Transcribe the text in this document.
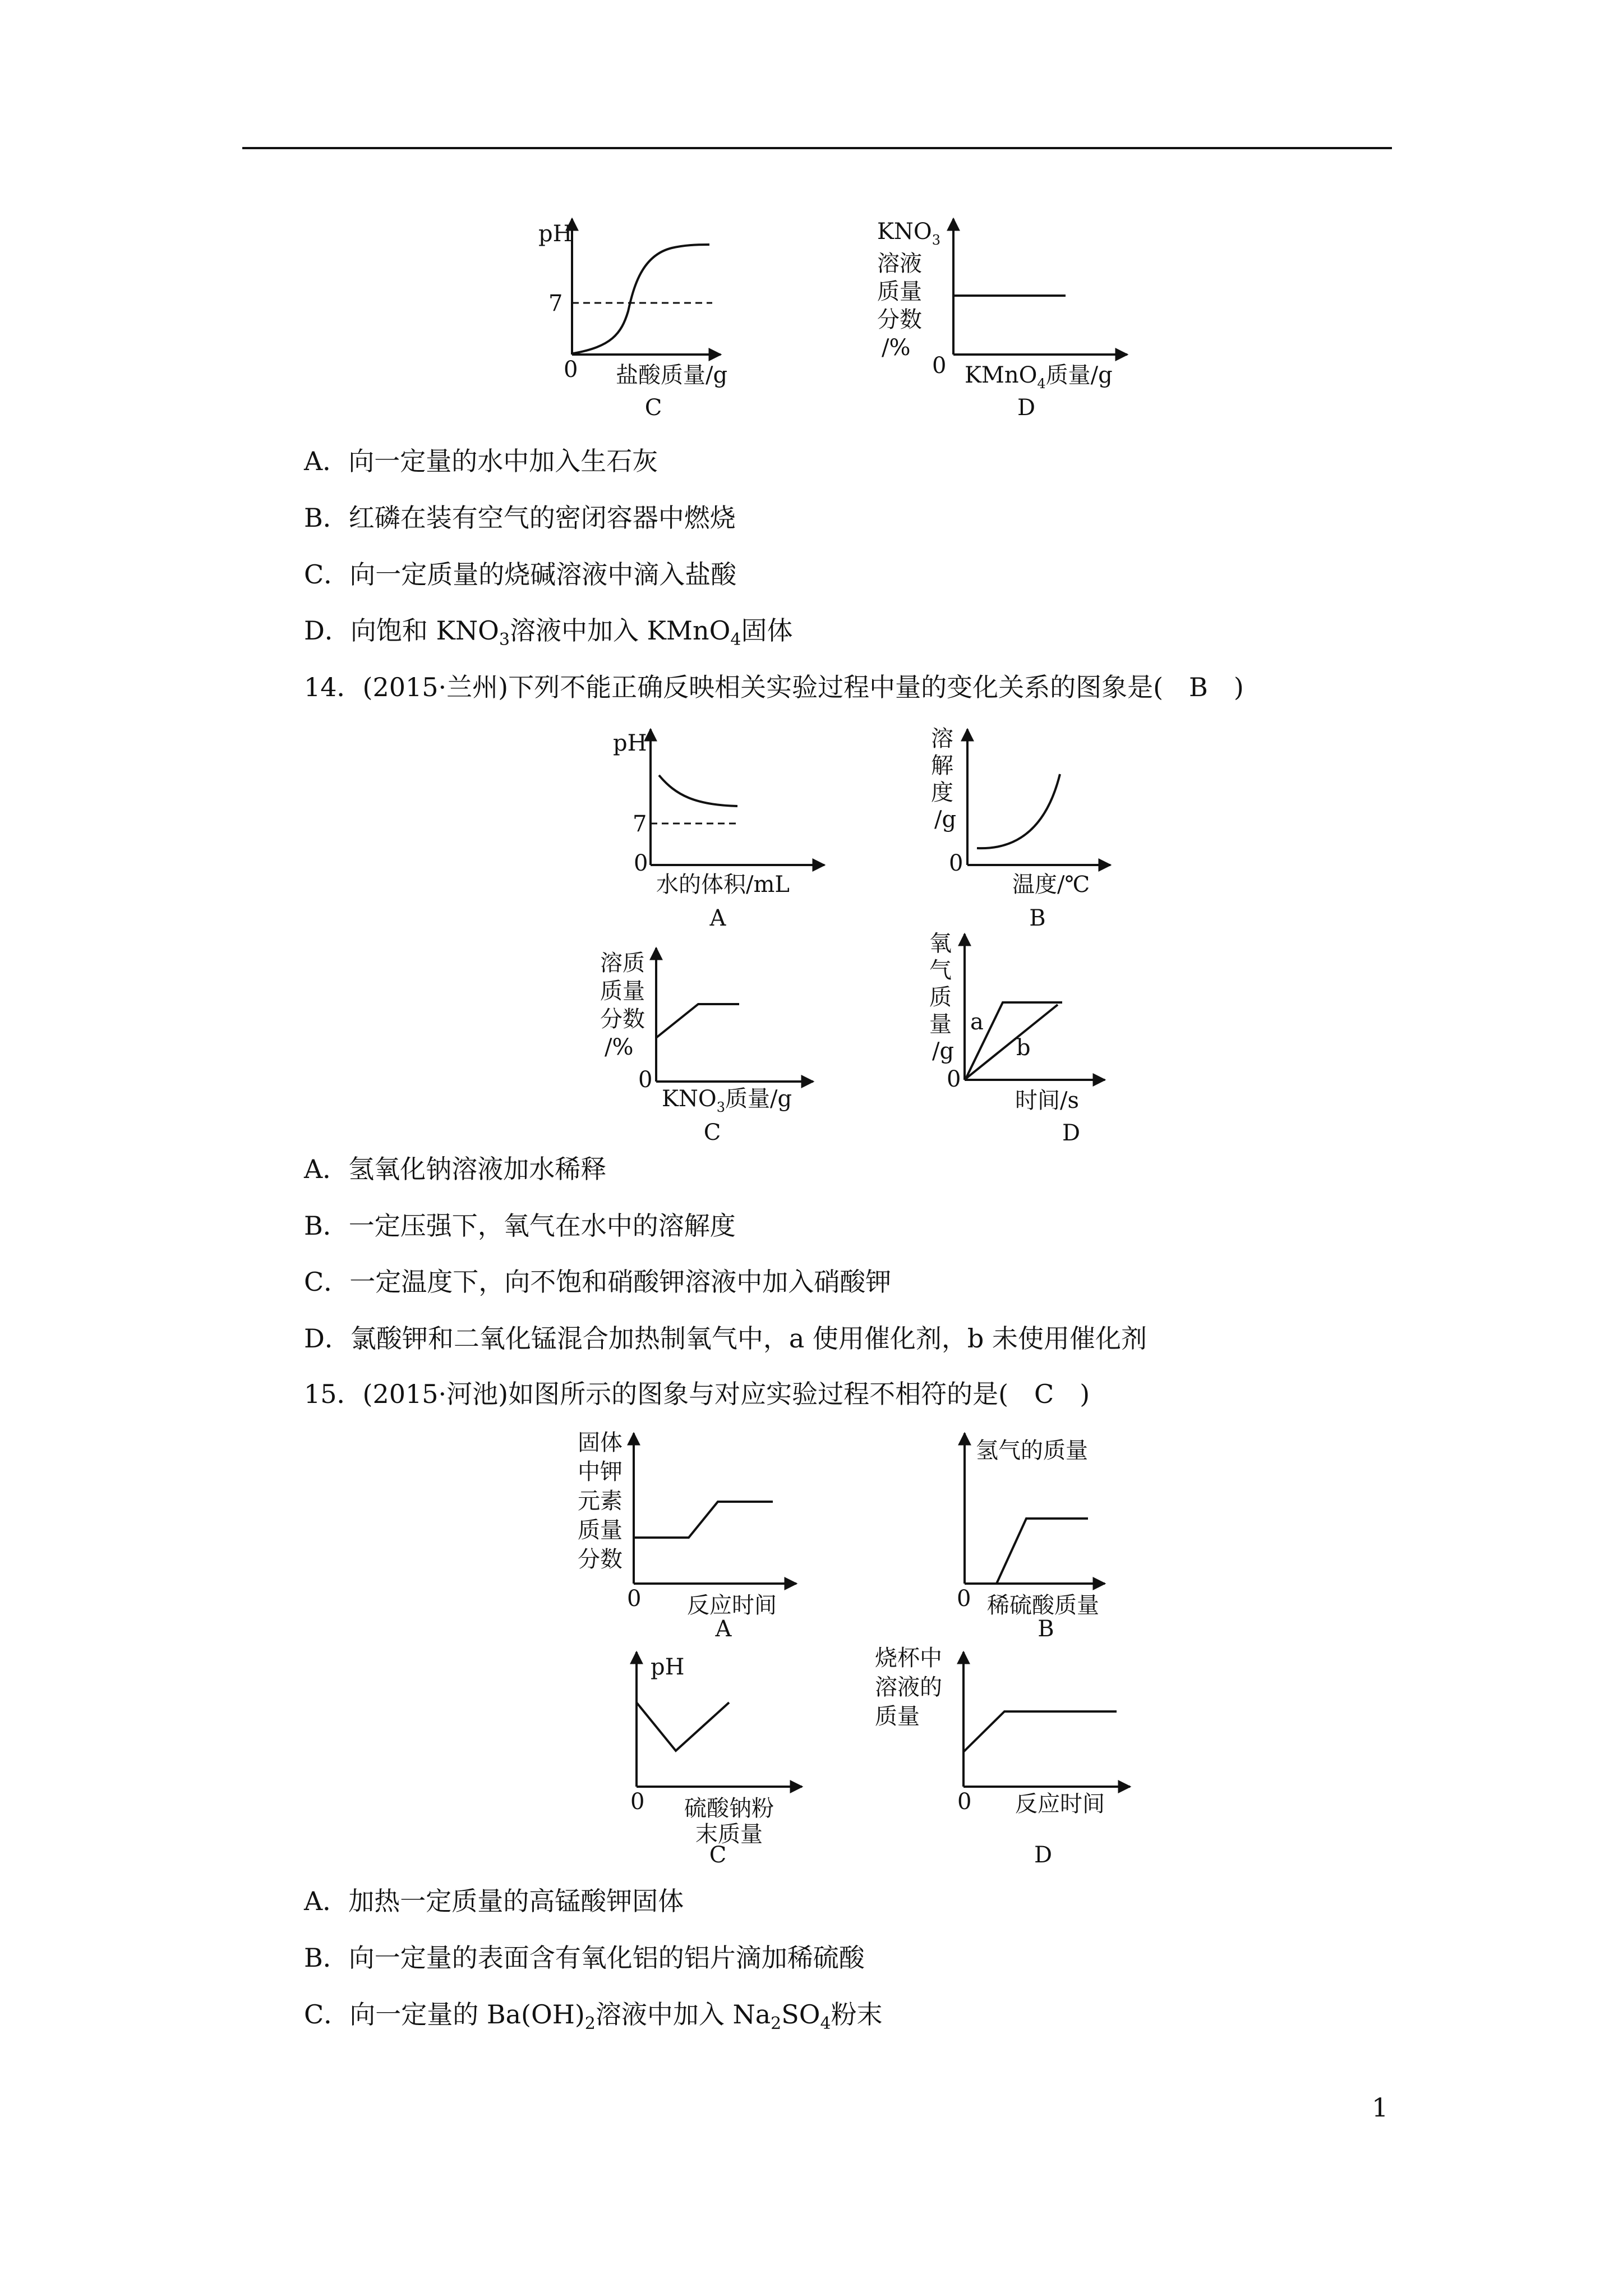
pH
7
0 盐酸质量/g
C
$KNO_3$
溶液
质量
分数
/%
0 KMnO$_4$质量/g
D
A．向一定量的水中加入生石灰
B．红磷在装有空气的密闭容器中燃烧
C．向一定质量的烧碱溶液中滴入盐酸
D．向饱和 $KNO_3$溶液中加入 KMnO$_4$固体
14．(2015·兰州)下列不能正确反映相关实验过程中量的变化关系的图象是(　B　)
pH
7
0
水的体积/mL
A
溶
解
度
/g
0
温度/℃
B
溶质
质量
分数
/%
0
$KNO_3$质量/g
C
氧
气
质
量
/g
a
b
0
时间/s
D
A．氢氧化钠溶液加水稀释
B．一定压强下，氧气在水中的溶解度
C．一定温度下，向不饱和硝酸钾溶液中加入硝酸钾
D．氯酸钾和二氧化锰混合加热制氧气中，a 使用催化剂，b 未使用催化剂
15．(2015·河池)如图所示的图象与对应实验过程不相符的是(　C　)
固体
中钾
元素
质量
分数
0 反应时间
A
氢气的质量
0 稀硫酸质量
B
pH
0 硫酸钠粉
末质量
C
烧杯中
溶液的
质量
0 反应时间
D
A．加热一定质量的高锰酸钾固体
B．向一定量的表面含有氧化铝的铝片滴加稀硫酸
C．向一定量的 $Ba(OH)_2$溶液中加入 $Na_2SO_4$粉末
1
